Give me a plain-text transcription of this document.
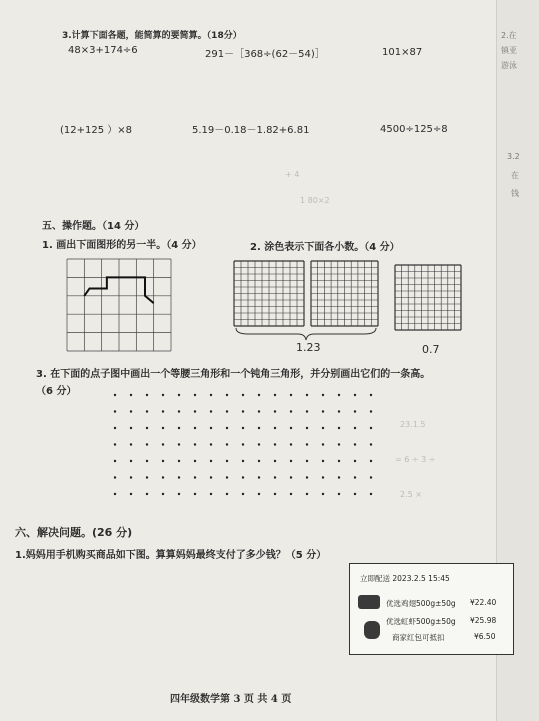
2.在
镇亚
游泳
3.2
在
钱
+ 4
1 80×2
23.1.5
= 6 ÷ 3 ÷
2.5 ×
3.计算下面各题，能简算的要简算。（18分）
48×3+174÷6	291－［368÷(62－54)］	101×87
(12+125 ）×8	5.19－0.18－1.82+6.81	4500÷125÷8
五、操作题。（14 分）
1. 画出下面图形的另一半。（4 分）	2. 涂色表示下面各小数。（4 分）
1.23	0.7
3. 在下面的点子图中画出一个等腰三角形和一个钝角三角形，并分别画出它们的一条高。
（6 分）
六、解决问题。(26 分)
1.妈妈用手机购买商品如下图。算算妈妈最终支付了多少钱？（5 分）
立即配送 2023.2.5 15:45
优选鸡翅500g±50g ¥22.40
优选虹虾500g±50g ¥25.98
商家红包可抵扣	¥6.50
四年级数学第 3 页 共 4 页
